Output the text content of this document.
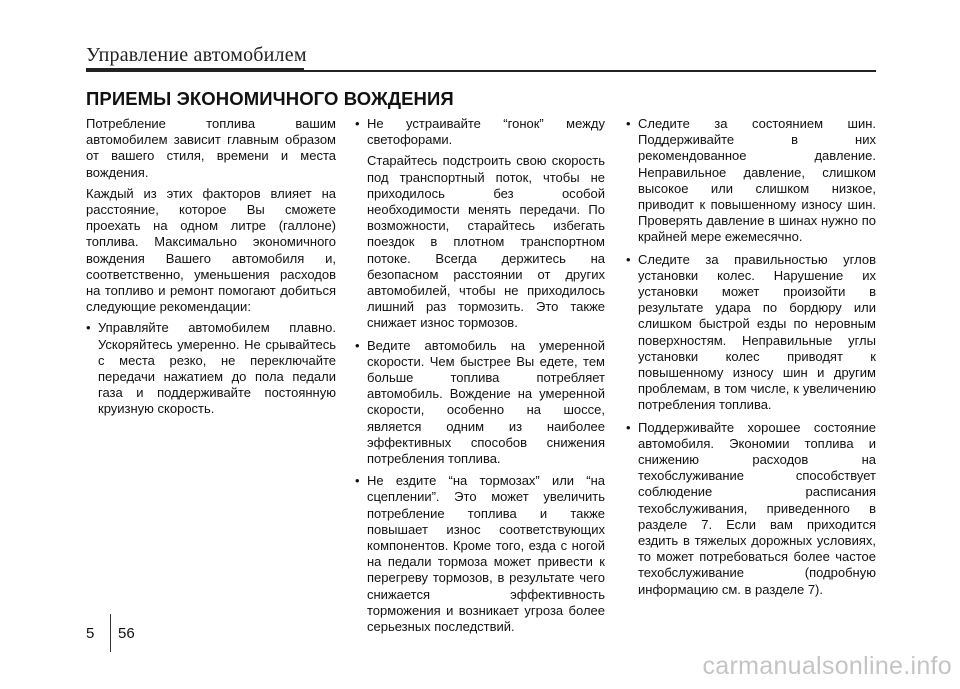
Управление автомобилем
ПРИЕМЫ ЭКОНОМИЧНОГО ВОЖДЕНИЯ

Потребление топлива вашим автомобилем зависит главным образом от вашего стиля, времени и места вождения.

Каждый из этих факторов влияет на расстояние, которое Вы сможете проехать на одном литре (галлоне) топлива. Максимально экономичного вождения Вашего автомобиля и, соответственно, уменьшения расходов на топливо и ремонт помогают добиться следующие рекомендации:

• Управляйте автомобилем плавно. Ускоряйтесь умеренно. Не срывайтесь с места резко, не переключайте передачи нажатием до пола педали газа и поддерживайте постоянную круизную скорость.

• Не устраивайте “гонок” между светофорами.

Старайтесь подстроить свою скорость под транспортный поток, чтобы не приходилось без особой необходимости менять передачи. По возможности, старайтесь избегать поездок в плотном транспортном потоке. Всегда держитесь на безопасном расстоянии от других автомобилей, чтобы не приходилось лишний раз тормозить. Это также снижает износ тормозов.

• Ведите автомобиль на умеренной скорости. Чем быстрее Вы едете, тем больше топлива потребляет автомобиль. Вождение на умеренной скорости, особенно на шоссе, является одним из наиболее эффективных способов снижения потребления топлива.
• Не ездите “на тормозах” или “на сцеплении”. Это может увеличить потребление топлива и также повышает износ соответствующих компонентов. Кроме того, езда с ногой на педали тормоза может привести к перегреву тормозов, в результате чего снижается эффективность торможения и возникает угроза более серьезных последствий.
• Следите за состоянием шин. Поддерживайте в них рекомендованное давление. Неправильное давление, слишком высокое или слишком низкое, приводит к повышенному износу шин. Проверять давление в шинах нужно по крайней мере ежемесячно.
• Следите за правильностью углов установки колес. Нарушение их установки может произойти в результате удара по бордюру или слишком быстрой езды по неровным поверхностям. Неправильные углы установки колес приводят к повышенному износу шин и другим проблемам, в том числе, к увеличению потребления топлива.
• Поддерживайте хорошее состояние автомобиля. Экономии топлива и снижению расходов на техобслуживание способствует соблюдение расписания техобслуживания, приведенного в разделе 7. Если вам приходится ездить в тяжелых дорожных условиях, то может потребоваться более частое техобслуживание (подробную информацию см. в разделе 7).
5 56
carmanualsonline.info
